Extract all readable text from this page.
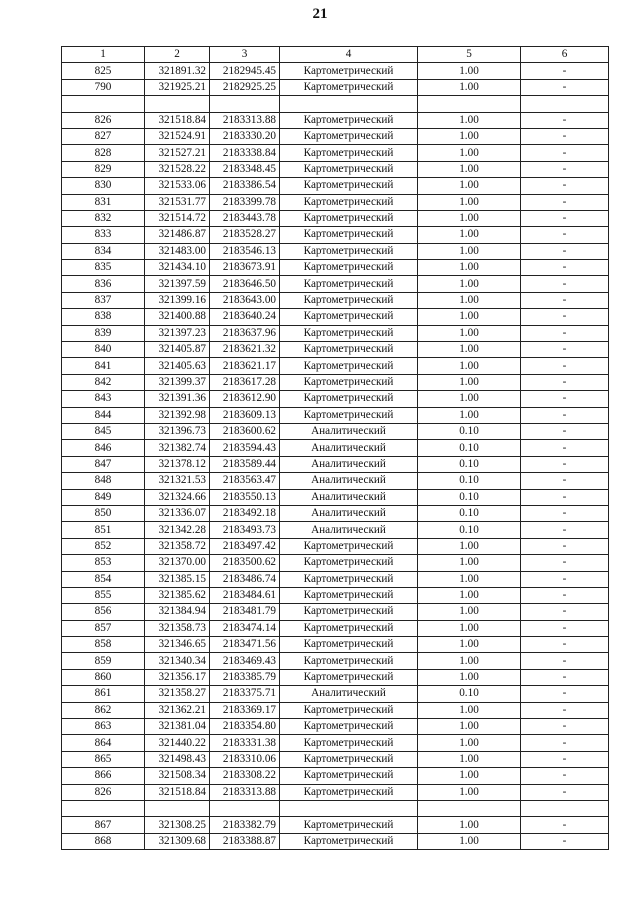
21
1	2	3	4	5	6
825	321891.32	2182945.45	Картометрический	1.00	-
790	321925.21	2182925.25	Картометрический	1.00	-

826	321518.84	2183313.88	Картометрический	1.00	-
827	321524.91	2183330.20	Картометрический	1.00	-
828	321527.21	2183338.84	Картометрический	1.00	-
829	321528.22	2183348.45	Картометрический	1.00	-
830	321533.06	2183386.54	Картометрический	1.00	-
831	321531.77	2183399.78	Картометрический	1.00	-
832	321514.72	2183443.78	Картометрический	1.00	-
833	321486.87	2183528.27	Картометрический	1.00	-
834	321483.00	2183546.13	Картометрический	1.00	-
835	321434.10	2183673.91	Картометрический	1.00	-
836	321397.59	2183646.50	Картометрический	1.00	-
837	321399.16	2183643.00	Картометрический	1.00	-
838	321400.88	2183640.24	Картометрический	1.00	-
839	321397.23	2183637.96	Картометрический	1.00	-
840	321405.87	2183621.32	Картометрический	1.00	-
841	321405.63	2183621.17	Картометрический	1.00	-
842	321399.37	2183617.28	Картометрический	1.00	-
843	321391.36	2183612.90	Картометрический	1.00	-
844	321392.98	2183609.13	Картометрический	1.00	-
845	321396.73	2183600.62	Аналитический	0.10	-
846	321382.74	2183594.43	Аналитический	0.10	-
847	321378.12	2183589.44	Аналитический	0.10	-
848	321321.53	2183563.47	Аналитический	0.10	-
849	321324.66	2183550.13	Аналитический	0.10	-
850	321336.07	2183492.18	Аналитический	0.10	-
851	321342.28	2183493.73	Аналитический	0.10	-
852	321358.72	2183497.42	Картометрический	1.00	-
853	321370.00	2183500.62	Картометрический	1.00	-
854	321385.15	2183486.74	Картометрический	1.00	-
855	321385.62	2183484.61	Картометрический	1.00	-
856	321384.94	2183481.79	Картометрический	1.00	-
857	321358.73	2183474.14	Картометрический	1.00	-
858	321346.65	2183471.56	Картометрический	1.00	-
859	321340.34	2183469.43	Картометрический	1.00	-
860	321356.17	2183385.79	Картометрический	1.00	-
861	321358.27	2183375.71	Аналитический	0.10	-
862	321362.21	2183369.17	Картометрический	1.00	-
863	321381.04	2183354.80	Картометрический	1.00	-
864	321440.22	2183331.38	Картометрический	1.00	-
865	321498.43	2183310.06	Картометрический	1.00	-
866	321508.34	2183308.22	Картометрический	1.00	-
826	321518.84	2183313.88	Картометрический	1.00	-

867	321308.25	2183382.79	Картометрический	1.00	-
868	321309.68	2183388.87	Картометрический	1.00	-
